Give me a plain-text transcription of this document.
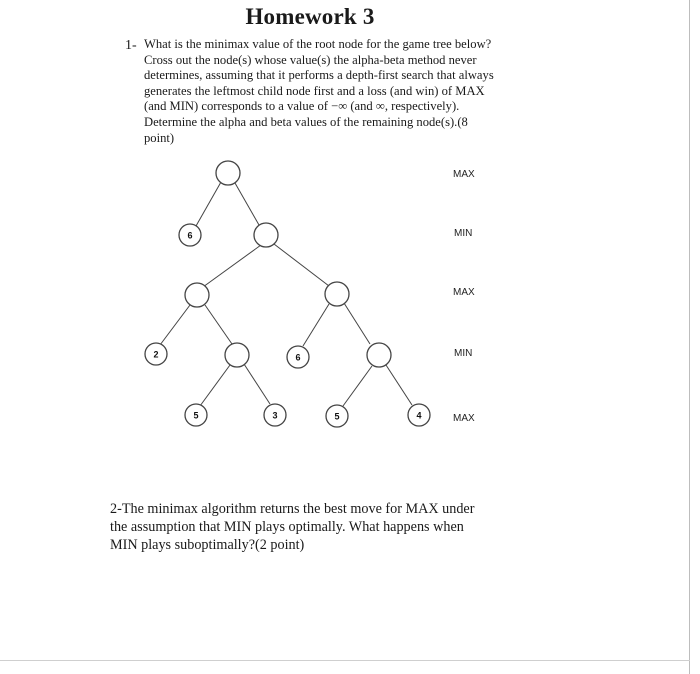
Homework 3
1- What is the minimax value of the root node for the game tree below?
Cross out the node(s) whose value(s) the alpha-beta method never
determines, assuming that it performs a depth-first search that always
generates the leftmost child node first and a loss (and win) of MAX
(and MIN) corresponds to a value of −∞ (and ∞, respectively).
Determine the alpha and beta values of the remaining node(s).(8
point)
6
2	6
5	3	5	4
MAX
MIN
MAX
MIN
MAX
2-The minimax algorithm returns the best move for MAX under
the assumption that MIN plays optimally. What happens when
MIN plays suboptimally?(2 point)
